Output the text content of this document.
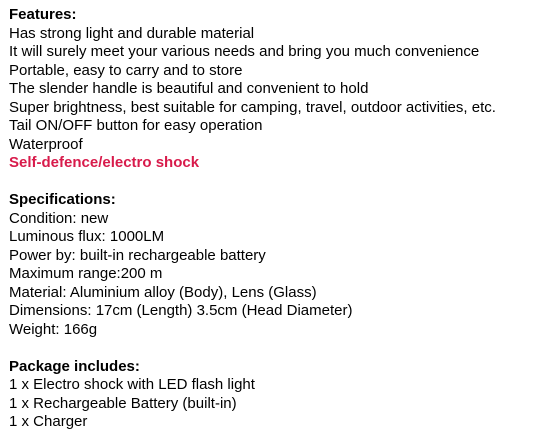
Features:
Has strong light and durable material
It will surely meet your various needs and bring you much convenience
Portable, easy to carry and to store
The slender handle is beautiful and convenient to hold
Super brightness, best suitable for camping, travel, outdoor activities, etc.
Tail ON/OFF button for easy operation
Waterproof
Self-defence/electro shock
Specifications:
Condition: new
Luminous flux: 1000LM
Power by: built-in rechargeable battery
Maximum range:200 m
Material: Aluminium alloy (Body), Lens (Glass)
Dimensions: 17cm (Length) 3.5cm (Head Diameter)
Weight: 166g
Package includes:
1 x Electro shock with LED flash light
1 x Rechargeable Battery (built-in)
1 x Charger
